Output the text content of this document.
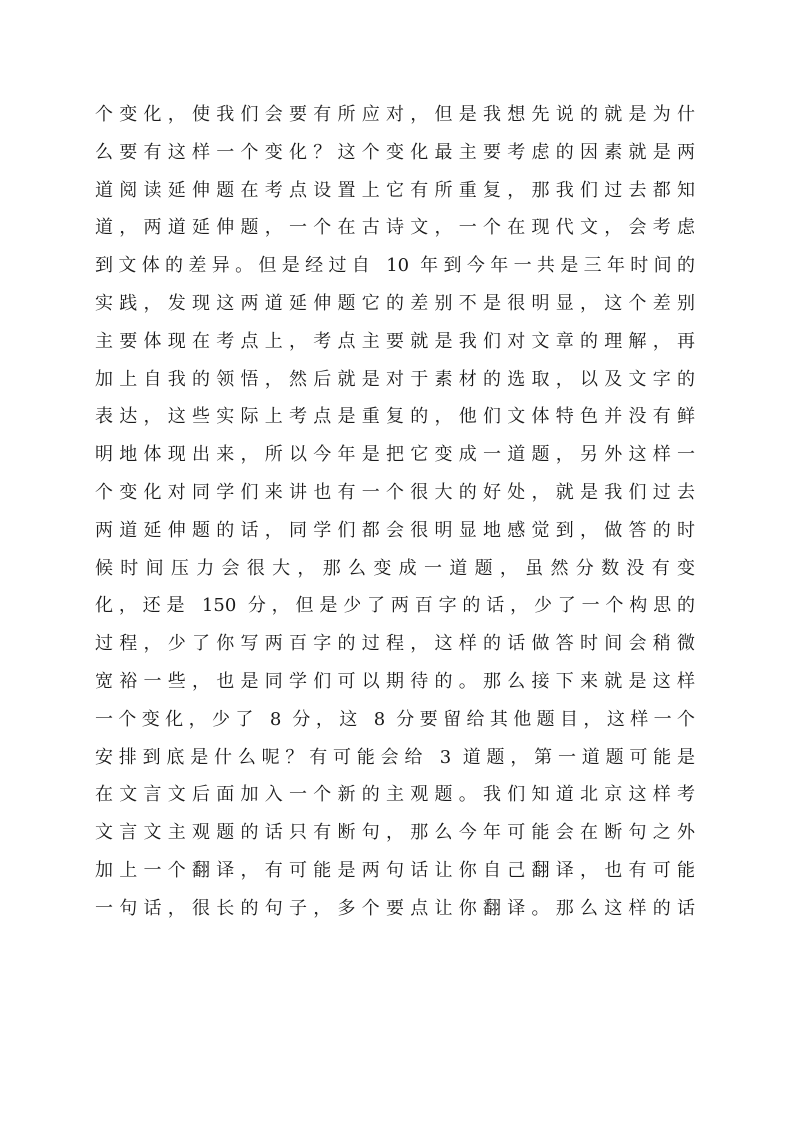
个变化，使我们会要有所应对，但是我想先说的就是为什
么要有这样一个变化？这个变化最主要考虑的因素就是两
道阅读延伸题在考点设置上它有所重复，那我们过去都知
道，两道延伸题，一个在古诗文，一个在现代文，会考虑
到文体的差异。但是经过自 10 年到今年一共是三年时间的
实践，发现这两道延伸题它的差别不是很明显，这个差别
主要体现在考点上，考点主要就是我们对文章的理解，再
加上自我的领悟，然后就是对于素材的选取，以及文字的
表达，这些实际上考点是重复的，他们文体特色并没有鲜
明地体现出来，所以今年是把它变成一道题，另外这样一
个变化对同学们来讲也有一个很大的好处，就是我们过去
两道延伸题的话，同学们都会很明显地感觉到，做答的时
候时间压力会很大，那么变成一道题，虽然分数没有变
化，还是 150 分，但是少了两百字的话，少了一个构思的
过程，少了你写两百字的过程，这样的话做答时间会稍微
宽裕一些，也是同学们可以期待的。那么接下来就是这样
一个变化，少了 8 分，这 8 分要留给其他题目，这样一个
安排到底是什么呢？有可能会给 3 道题，第一道题可能是
在文言文后面加入一个新的主观题。我们知道北京这样考
文言文主观题的话只有断句，那么今年可能会在断句之外
加上一个翻译，有可能是两句话让你自己翻译，也有可能
一句话，很长的句子，多个要点让你翻译。那么这样的话
